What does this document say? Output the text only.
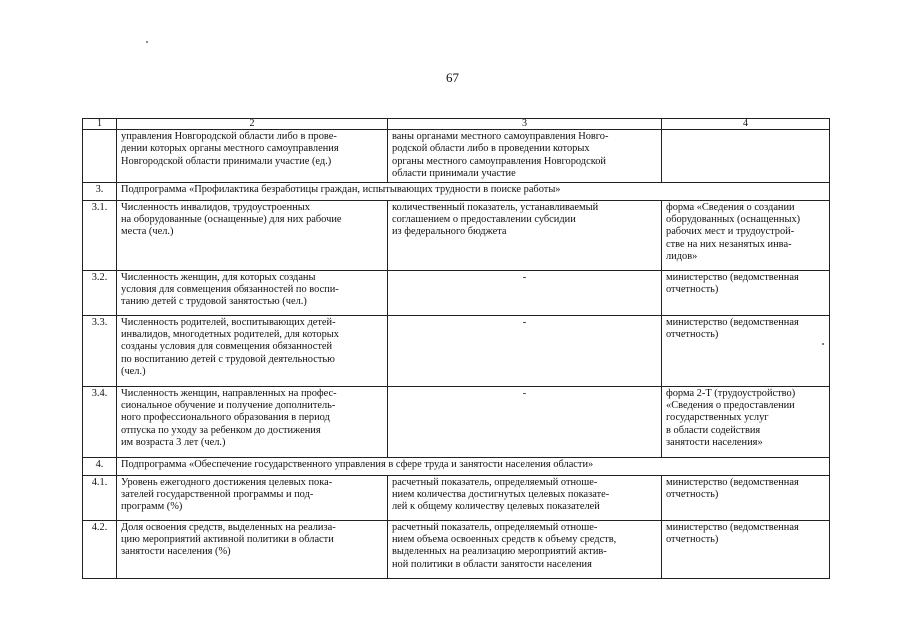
67
1	2	3	4
	управления Новгородской области либо в прове-
дении которых органы местного самоуправления
Новгородской области принимали участие (ед.)	ваны органами местного самоуправления Новго-
родской области либо в проведении которых
органы местного самоуправления Новгородской
области принимали участие	
3.	Подпрограмма «Профилактика безработицы граждан, испытывающих трудности в поиске работы»		
3.1.	Численность инвалидов, трудоустроенных
на оборудованные (оснащенные) для них рабочие
места (чел.)	количественный показатель, устанавливаемый
соглашением о предоставлении субсидии
из федерального бюджета	форма «Сведения о создании
оборудованных (оснащенных)
рабочих мест и трудоустрой-
стве на них незанятых инва-
лидов»
3.2.	Численность женщин, для которых созданы
условия для совмещения обязанностей по воспи-
танию детей с трудовой занятостью (чел.)	-	министерство (ведомственная
отчетность)
3.3.	Численность родителей, воспитывающих детей-
инвалидов, многодетных родителей, для которых
созданы условия для совмещения обязанностей
по воспитанию детей с трудовой деятельностью
(чел.)	-	министерство (ведомственная
отчетность)
3.4.	Численность женщин, направленных на профес-
сиональное обучение и получение дополнитель-
ного профессионального образования в период
отпуска по уходу за ребенком до достижения
им возраста 3 лет (чел.)	-	форма 2-Т (трудоустройство)
«Сведения о предоставлении
государственных услуг
в области содействия
занятости населения»
4.	Подпрограмма «Обеспечение государственного управления в сфере труда и занятости населения области»		
4.1.	Уровень ежегодного достижения целевых пока-
зателей государственной программы и под-
программ (%)	расчетный показатель, определяемый отноше-
нием количества достигнутых целевых показате-
лей к общему количеству целевых показателей	министерство (ведомственная
отчетность)
4.2.	Доля освоения средств, выделенных на реализа-
цию мероприятий активной политики в области
занятости населения (%)	расчетный показатель, определяемый отноше-
нием объема освоенных средств к объему средств,
выделенных на реализацию мероприятий актив-
ной политики в области занятости населения	министерство (ведомственная
отчетность)
